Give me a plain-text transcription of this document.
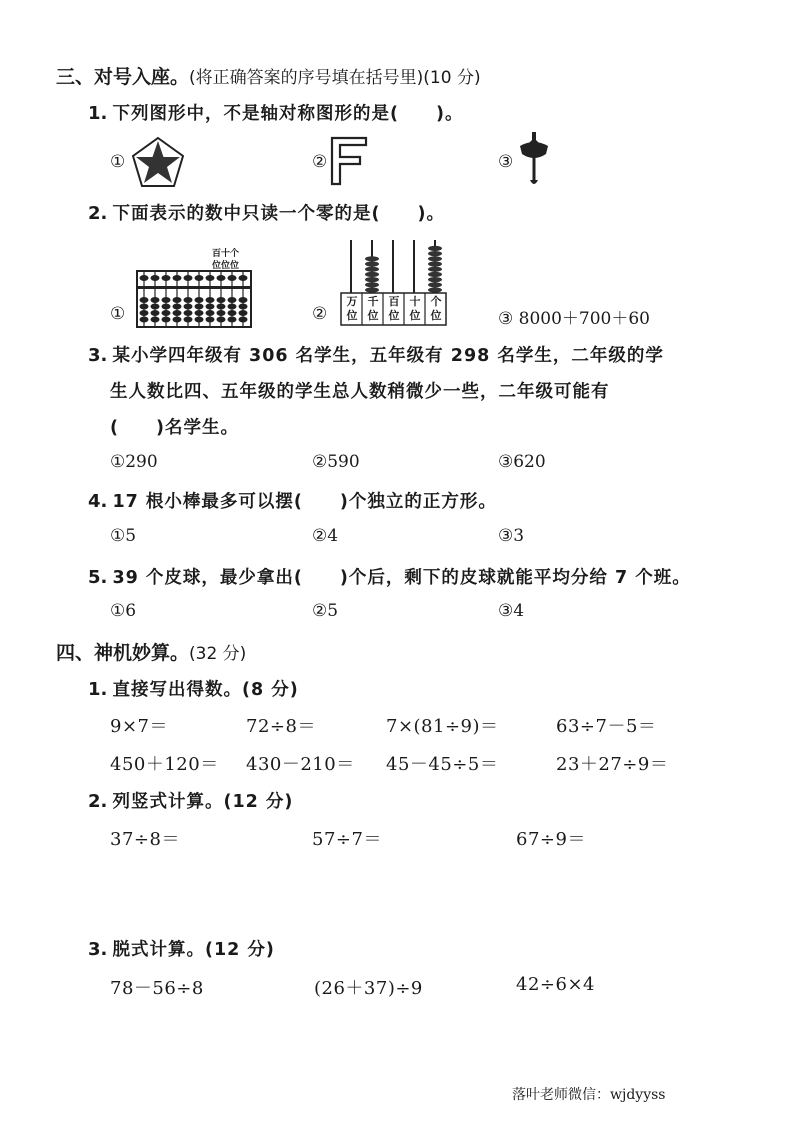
三、对号入座。(将正确答案的序号填在括号里)(10 分)
1. 下列图形中，不是轴对称图形的是(　　)。
①	②	③
2. 下面表示的数中只读一个零的是(　　)。
①
百十个
位位位
②
万
位
千
位
百
位
十
位
个
位	③ 8000＋700＋60
3. 某小学四年级有 306 名学生，五年级有 298 名学生，二年级的学
生人数比四、五年级的学生总人数稍微少一些，二年级可能有
(　　)名学生。
①290	②590	③620
4. 17 根小棒最多可以摆(　　)个独立的正方形。
①5	②4	③3
5. 39 个皮球，最少拿出(　　)个后，剩下的皮球就能平均分给 7 个班。
①6	②5	③4
四、神机妙算。(32 分)
1. 直接写出得数。(8 分)
9×7＝	72÷8＝	7×(81÷9)＝	63÷7－5＝
450＋120＝ 430－210＝ 45－45÷5＝	23＋27÷9＝
2. 列竖式计算。(12 分)
37÷8＝	57÷7＝	67÷9＝
3. 脱式计算。(12 分)
78－56÷8	(26＋37)÷9	42÷6×4
落叶老师微信：wjdyyss
